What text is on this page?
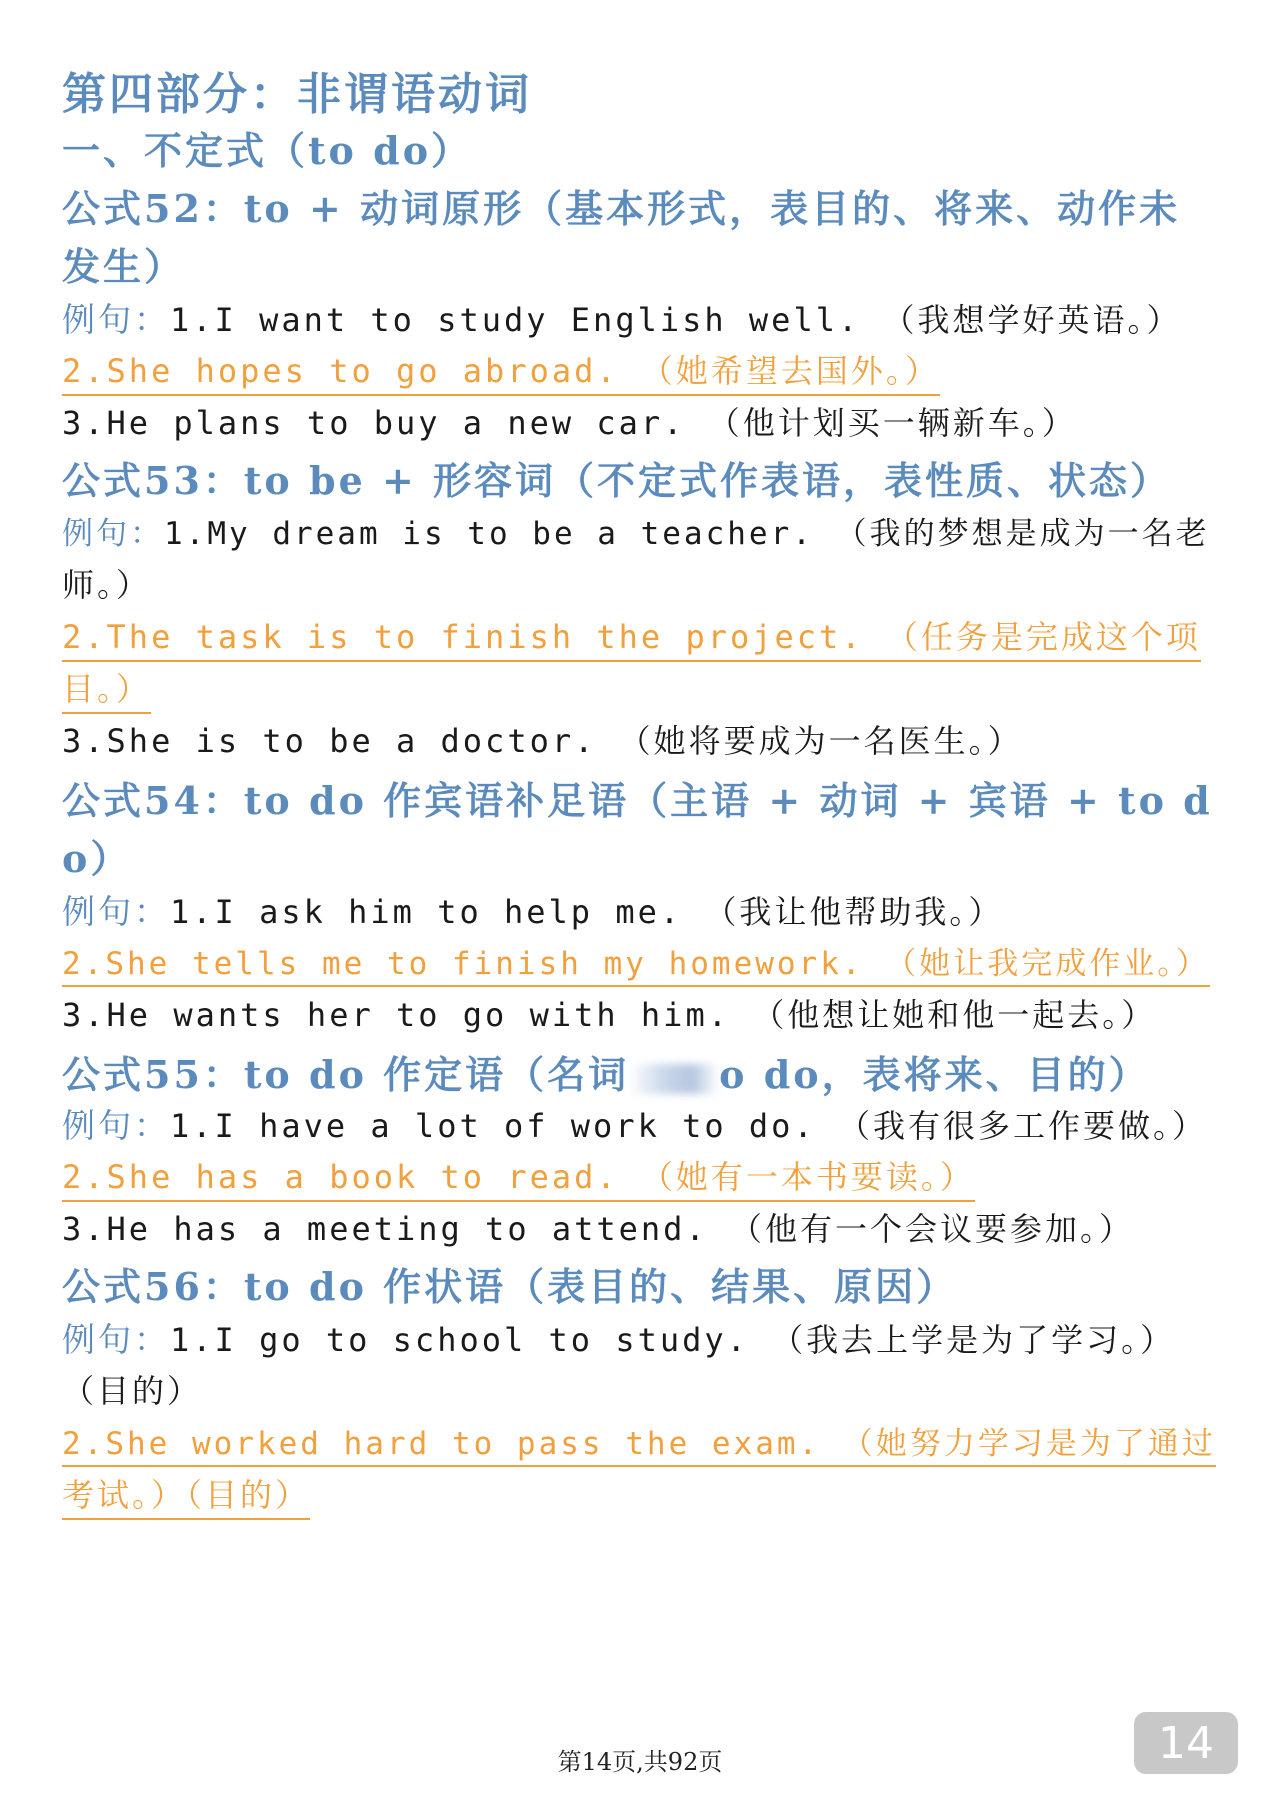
第四部分：非谓语动词
一、不定式（to do）
公式52：to + 动词原形（基本形式，表目的、将来、动作未
发生）
例句：1.I want to study English well. （我想学好英语。）
2.She hopes to go abroad. （她希望去国外。）
3.He plans to buy a new car. （他计划买一辆新车。）
公式53：to be + 形容词（不定式作表语，表性质、状态）
例句：1.My dream is to be a teacher. （我的梦想是成为一名老
师。）
2.The task is to finish the project. （任务是完成这个项
目。）
3.She is to be a doctor. （她将要成为一名医生。）
公式54：to do 作宾语补足语（主语 + 动词 + 宾语 + to d
o）
例句：1.I ask him to help me. （我让他帮助我。）
2.She tells me to finish my homework. （她让我完成作业。）
3.He wants her to go with him. （他想让她和他一起去。）
公式55：to do 作定语（名词 o do，表将来、目的）
例句：1.I have a lot of work to do. （我有很多工作要做。）
2.She has a book to read. （她有一本书要读。）
3.He has a meeting to attend. （他有一个会议要参加。）
公式56：to do 作状语（表目的、结果、原因）
例句：1.I go to school to study. （我去上学是为了学习。）
（目的）
2.She worked hard to pass the exam. （她努力学习是为了通过
考试。）（目的）
第14页,共92页	14
